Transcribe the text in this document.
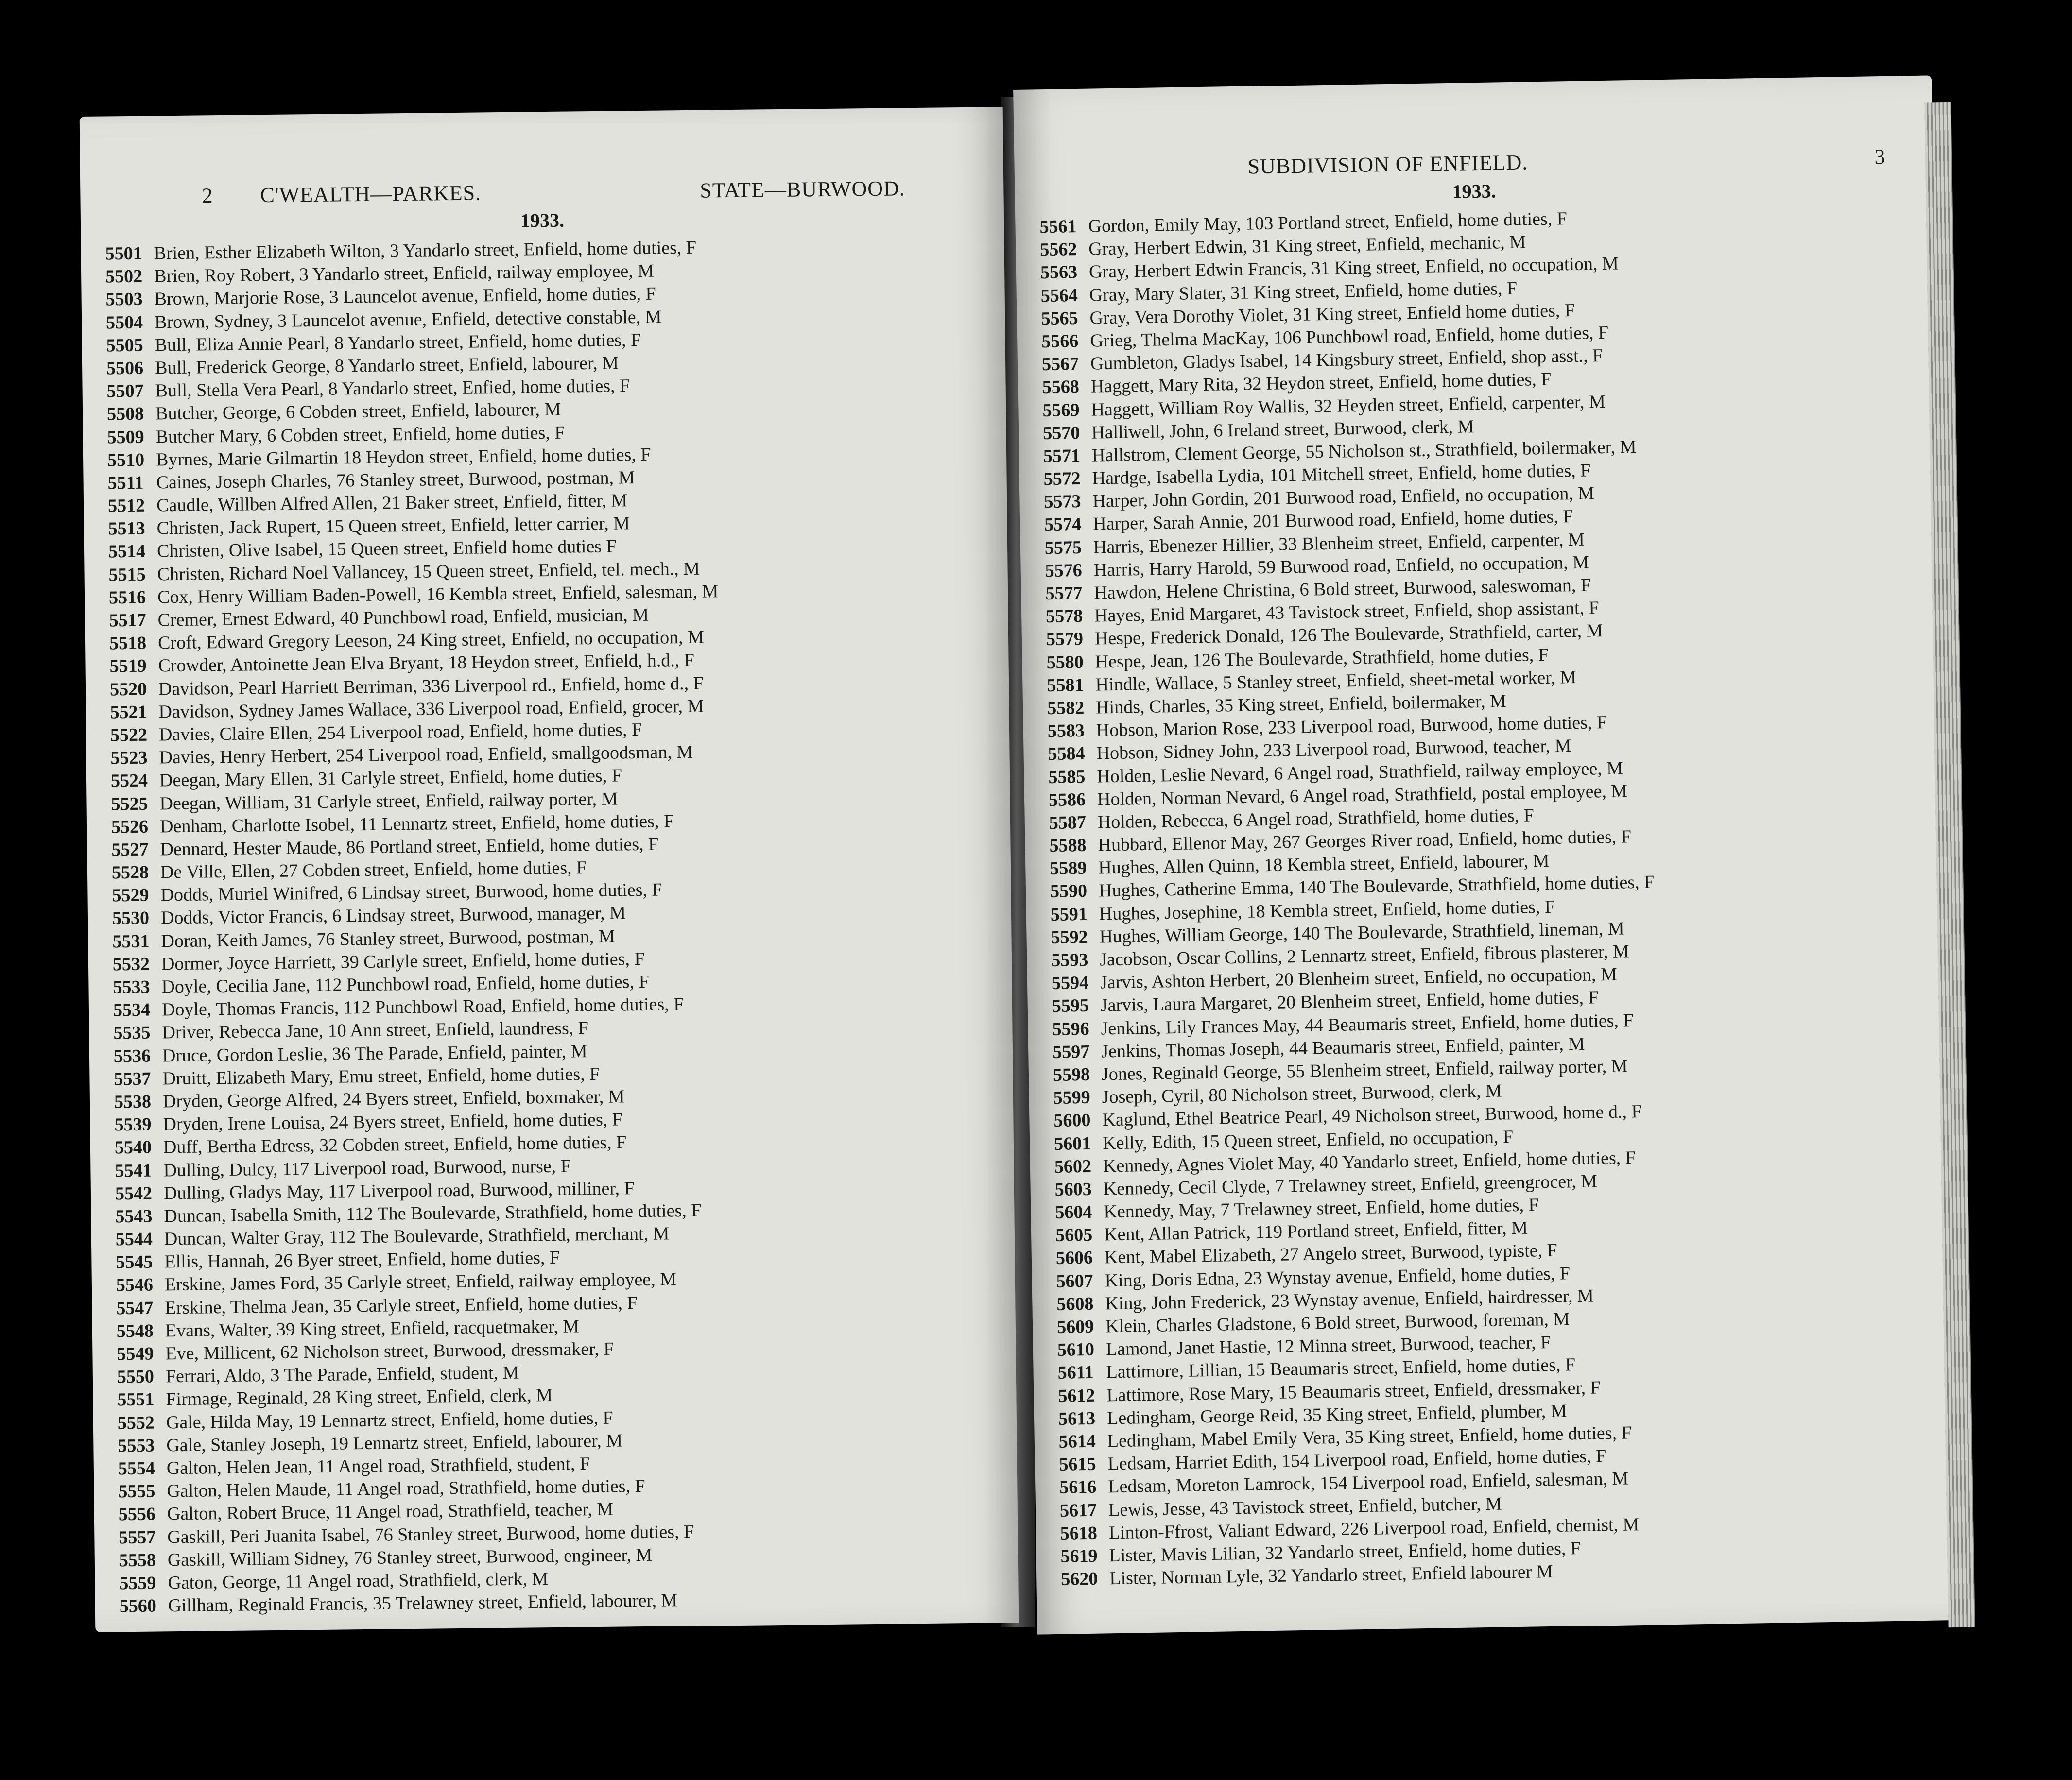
2 C'WEALTH—PARKES.	STATE—BURWOOD.
1933.
5501 Brien, Esther Elizabeth Wilton, 3 Yandarlo street, Enfield, home duties, F
5502 Brien, Roy Robert, 3 Yandarlo street, Enfield, railway employee, M
5503 Brown, Marjorie Rose, 3 Launcelot avenue, Enfield, home duties, F
5504 Brown, Sydney, 3 Launcelot avenue, Enfield, detective constable, M
5505 Bull, Eliza Annie Pearl, 8 Yandarlo street, Enfield, home duties, F
5506 Bull, Frederick George, 8 Yandarlo street, Enfield, labourer, M
5507 Bull, Stella Vera Pearl, 8 Yandarlo street, Enfied, home duties, F
5508 Butcher, George, 6 Cobden street, Enfield, labourer, M
5509 Butcher Mary, 6 Cobden street, Enfield, home duties, F
5510 Byrnes, Marie Gilmartin 18 Heydon street, Enfield, home duties, F
5511 Caines, Joseph Charles, 76 Stanley street, Burwood, postman, M
5512 Caudle, Willben Alfred Allen, 21 Baker street, Enfield, fitter, M
5513 Christen, Jack Rupert, 15 Queen street, Enfield, letter carrier, M
5514 Christen, Olive Isabel, 15 Queen street, Enfield home duties F
5515 Christen, Richard Noel Vallancey, 15 Queen street, Enfield, tel. mech., M
5516 Cox, Henry William Baden-Powell, 16 Kembla street, Enfield, salesman, M
5517 Cremer, Ernest Edward, 40 Punchbowl road, Enfield, musician, M
5518 Croft, Edward Gregory Leeson, 24 King street, Enfield, no occupation, M
5519 Crowder, Antoinette Jean Elva Bryant, 18 Heydon street, Enfield, h.d., F
5520 Davidson, Pearl Harriett Berriman, 336 Liverpool rd., Enfield, home d., F
5521 Davidson, Sydney James Wallace, 336 Liverpool road, Enfield, grocer, M
5522 Davies, Claire Ellen, 254 Liverpool road, Enfield, home duties, F
5523 Davies, Henry Herbert, 254 Liverpool road, Enfield, smallgoodsman, M
5524 Deegan, Mary Ellen, 31 Carlyle street, Enfield, home duties, F
5525 Deegan, William, 31 Carlyle street, Enfield, railway porter, M
5526 Denham, Charlotte Isobel, 11 Lennartz street, Enfield, home duties, F
5527 Dennard, Hester Maude, 86 Portland street, Enfield, home duties, F
5528 De Ville, Ellen, 27 Cobden street, Enfield, home duties, F
5529 Dodds, Muriel Winifred, 6 Lindsay street, Burwood, home duties, F
5530 Dodds, Victor Francis, 6 Lindsay street, Burwood, manager, M
5531 Doran, Keith James, 76 Stanley street, Burwood, postman, M
5532 Dormer, Joyce Harriett, 39 Carlyle street, Enfield, home duties, F
5533 Doyle, Cecilia Jane, 112 Punchbowl road, Enfield, home duties, F
5534 Doyle, Thomas Francis, 112 Punchbowl Road, Enfield, home duties, F
5535 Driver, Rebecca Jane, 10 Ann street, Enfield, laundress, F
5536 Druce, Gordon Leslie, 36 The Parade, Enfield, painter, M
5537 Druitt, Elizabeth Mary, Emu street, Enfield, home duties, F
5538 Dryden, George Alfred, 24 Byers street, Enfield, boxmaker, M
5539 Dryden, Irene Louisa, 24 Byers street, Enfield, home duties, F
5540 Duff, Bertha Edress, 32 Cobden street, Enfield, home duties, F
5541 Dulling, Dulcy, 117 Liverpool road, Burwood, nurse, F
5542 Dulling, Gladys May, 117 Liverpool road, Burwood, milliner, F
5543 Duncan, Isabella Smith, 112 The Boulevarde, Strathfield, home duties, F
5544 Duncan, Walter Gray, 112 The Boulevarde, Strathfield, merchant, M
5545 Ellis, Hannah, 26 Byer street, Enfield, home duties, F
5546 Erskine, James Ford, 35 Carlyle street, Enfield, railway employee, M
5547 Erskine, Thelma Jean, 35 Carlyle street, Enfield, home duties, F
5548 Evans, Walter, 39 King street, Enfield, racquetmaker, M
5549 Eve, Millicent, 62 Nicholson street, Burwood, dressmaker, F
5550 Ferrari, Aldo, 3 The Parade, Enfield, student, M
5551 Firmage, Reginald, 28 King street, Enfield, clerk, M
5552 Gale, Hilda May, 19 Lennartz street, Enfield, home duties, F
5553 Gale, Stanley Joseph, 19 Lennartz street, Enfield, labourer, M
5554 Galton, Helen Jean, 11 Angel road, Strathfield, student, F
5555 Galton, Helen Maude, 11 Angel road, Strathfield, home duties, F
5556 Galton, Robert Bruce, 11 Angel road, Strathfield, teacher, M
5557 Gaskill, Peri Juanita Isabel, 76 Stanley street, Burwood, home duties, F
5558 Gaskill, William Sidney, 76 Stanley street, Burwood, engineer, M
5559 Gaton, George, 11 Angel road, Strathfield, clerk, M
5560 Gillham, Reginald Francis, 35 Trelawney street, Enfield, labourer, M
SUBDIVISION OF ENFIELD.	3
1933.
5561 Gordon, Emily May, 103 Portland street, Enfield, home duties, F
5562 Gray, Herbert Edwin, 31 King street, Enfield, mechanic, M
5563 Gray, Herbert Edwin Francis, 31 King street, Enfield, no occupation, M
5564 Gray, Mary Slater, 31 King street, Enfield, home duties, F
5565 Gray, Vera Dorothy Violet, 31 King street, Enfield home duties, F
5566 Grieg, Thelma MacKay, 106 Punchbowl road, Enfield, home duties, F
5567 Gumbleton, Gladys Isabel, 14 Kingsbury street, Enfield, shop asst., F
5568 Haggett, Mary Rita, 32 Heydon street, Enfield, home duties, F
5569 Haggett, William Roy Wallis, 32 Heyden street, Enfield, carpenter, M
5570 Halliwell, John, 6 Ireland street, Burwood, clerk, M
5571 Hallstrom, Clement George, 55 Nicholson st., Strathfield, boilermaker, M
5572 Hardge, Isabella Lydia, 101 Mitchell street, Enfield, home duties, F
5573 Harper, John Gordin, 201 Burwood road, Enfield, no occupation, M
5574 Harper, Sarah Annie, 201 Burwood road, Enfield, home duties, F
5575 Harris, Ebenezer Hillier, 33 Blenheim street, Enfield, carpenter, M
5576 Harris, Harry Harold, 59 Burwood road, Enfield, no occupation, M
5577 Hawdon, Helene Christina, 6 Bold street, Burwood, saleswoman, F
5578 Hayes, Enid Margaret, 43 Tavistock street, Enfield, shop assistant, F
5579 Hespe, Frederick Donald, 126 The Boulevarde, Strathfield, carter, M
5580 Hespe, Jean, 126 The Boulevarde, Strathfield, home duties, F
5581 Hindle, Wallace, 5 Stanley street, Enfield, sheet-metal worker, M
5582 Hinds, Charles, 35 King street, Enfield, boilermaker, M
5583 Hobson, Marion Rose, 233 Liverpool road, Burwood, home duties, F
5584 Hobson, Sidney John, 233 Liverpool road, Burwood, teacher, M
5585 Holden, Leslie Nevard, 6 Angel road, Strathfield, railway employee, M
5586 Holden, Norman Nevard, 6 Angel road, Strathfield, postal employee, M
5587 Holden, Rebecca, 6 Angel road, Strathfield, home duties, F
5588 Hubbard, Ellenor May, 267 Georges River road, Enfield, home duties, F
5589 Hughes, Allen Quinn, 18 Kembla street, Enfield, labourer, M
5590 Hughes, Catherine Emma, 140 The Boulevarde, Strathfield, home duties, F
5591 Hughes, Josephine, 18 Kembla street, Enfield, home duties, F
5592 Hughes, William George, 140 The Boulevarde, Strathfield, lineman, M
5593 Jacobson, Oscar Collins, 2 Lennartz street, Enfield, fibrous plasterer, M
5594 Jarvis, Ashton Herbert, 20 Blenheim street, Enfield, no occupation, M
5595 Jarvis, Laura Margaret, 20 Blenheim street, Enfield, home duties, F
5596 Jenkins, Lily Frances May, 44 Beaumaris street, Enfield, home duties, F
5597 Jenkins, Thomas Joseph, 44 Beaumaris street, Enfield, painter, M
5598 Jones, Reginald George, 55 Blenheim street, Enfield, railway porter, M
5599 Joseph, Cyril, 80 Nicholson street, Burwood, clerk, M
5600 Kaglund, Ethel Beatrice Pearl, 49 Nicholson street, Burwood, home d., F
5601 Kelly, Edith, 15 Queen street, Enfield, no occupation, F
5602 Kennedy, Agnes Violet May, 40 Yandarlo street, Enfield, home duties, F
5603 Kennedy, Cecil Clyde, 7 Trelawney street, Enfield, greengrocer, M
5604 Kennedy, May, 7 Trelawney street, Enfield, home duties, F
5605 Kent, Allan Patrick, 119 Portland street, Enfield, fitter, M
5606 Kent, Mabel Elizabeth, 27 Angelo street, Burwood, typiste, F
5607 King, Doris Edna, 23 Wynstay avenue, Enfield, home duties, F
5608 King, John Frederick, 23 Wynstay avenue, Enfield, hairdresser, M
5609 Klein, Charles Gladstone, 6 Bold street, Burwood, foreman, M
5610 Lamond, Janet Hastie, 12 Minna street, Burwood, teacher, F
5611 Lattimore, Lillian, 15 Beaumaris street, Enfield, home duties, F
5612 Lattimore, Rose Mary, 15 Beaumaris street, Enfield, dressmaker, F
5613 Ledingham, George Reid, 35 King street, Enfield, plumber, M
5614 Ledingham, Mabel Emily Vera, 35 King street, Enfield, home duties, F
5615 Ledsam, Harriet Edith, 154 Liverpool road, Enfield, home duties, F
5616 Ledsam, Moreton Lamrock, 154 Liverpool road, Enfield, salesman, M
5617 Lewis, Jesse, 43 Tavistock street, Enfield, butcher, M
5618 Linton-Ffrost, Valiant Edward, 226 Liverpool road, Enfield, chemist, M
5619 Lister, Mavis Lilian, 32 Yandarlo street, Enfield, home duties, F
5620 Lister, Norman Lyle, 32 Yandarlo street, Enfield labourer M
